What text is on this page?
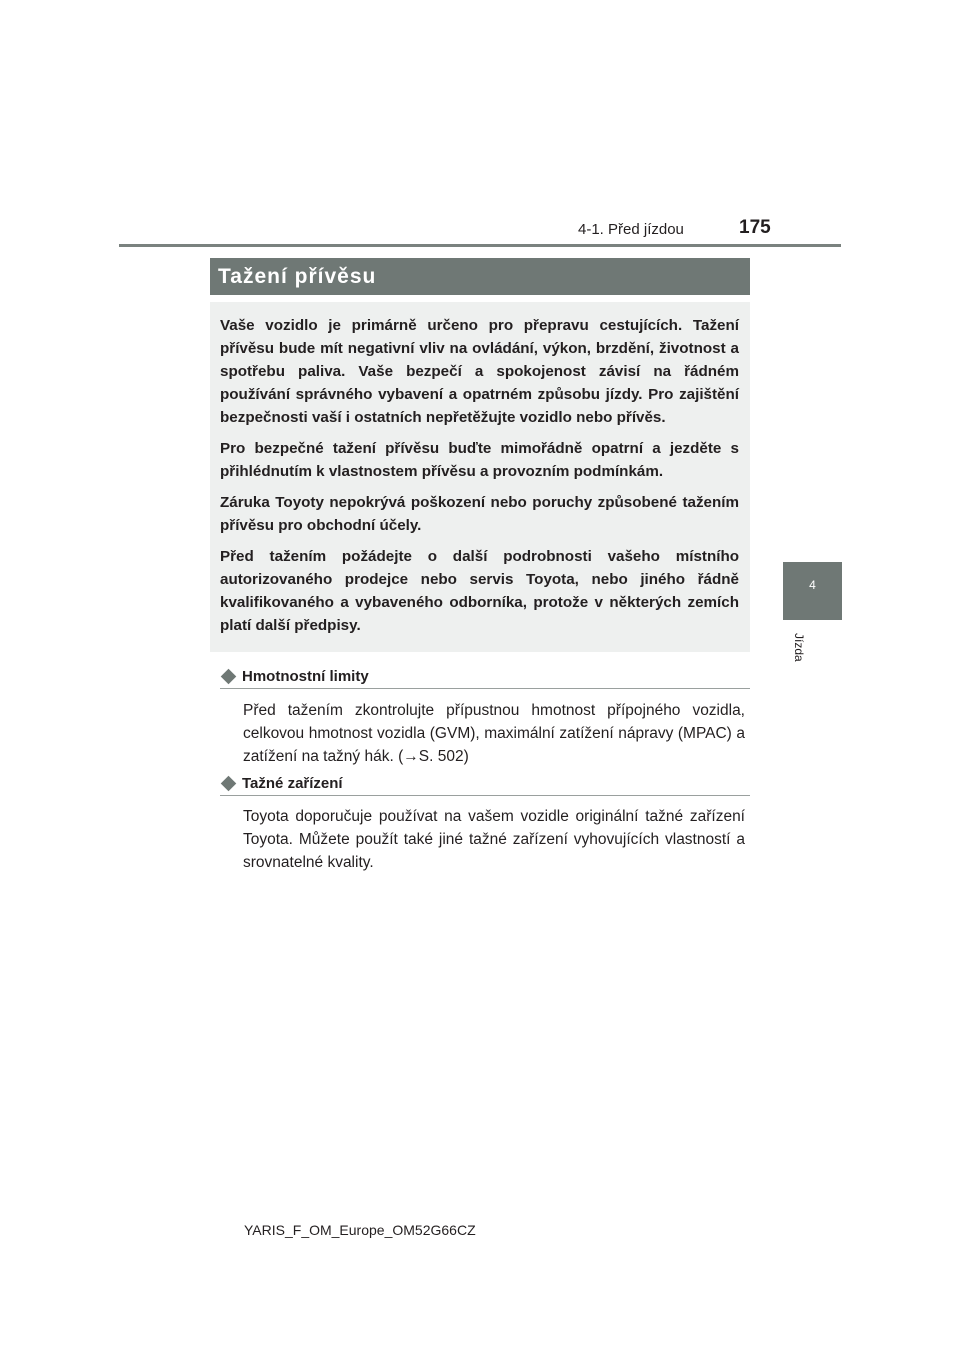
4-1. Před jízdou	175
4
Jízda
Tažení přívěsu

Vaše vozidlo je primárně určeno pro přepravu cestujících. Tažení přívěsu bude mít negativní vliv na ovládání, výkon, brzdění, životnost a spotřebu paliva. Vaše bezpečí a spokojenost závisí na řádném používání správného vybavení a opatrném způsobu jízdy. Pro zajištění bezpečnosti vaší i ostatních nepřetěžujte vozidlo nebo přívěs.

Pro bezpečné tažení přívěsu buďte mimořádně opatrní a jezděte s přihlédnutím k vlastnostem přívěsu a provozním podmínkám.

Záruka Toyoty nepokrývá poškození nebo poruchy způsobené tažením přívěsu pro obchodní účely.

Před tažením požádejte o další podrobnosti vašeho místního autorizovaného prodejce nebo servis Toyota, nebo jiného řádně kvalifikovaného a vybaveného odborníka, protože v některých zemích platí další předpisy.

Hmotnostní limity

Před tažením zkontrolujte přípustnou hmotnost přípojného vozidla, celkovou hmotnost vozidla (GVM), maximální zatížení nápravy (MPAC) a zatížení na tažný hák. (→S. 502)

Tažné zařízení

Toyota doporučuje používat na vašem vozidle originální tažné zařízení Toyota. Můžete použít také jiné tažné zařízení vyhovujících vlastností a srovnatelné kvality.

YARIS_F_OM_Europe_OM52G66CZ
